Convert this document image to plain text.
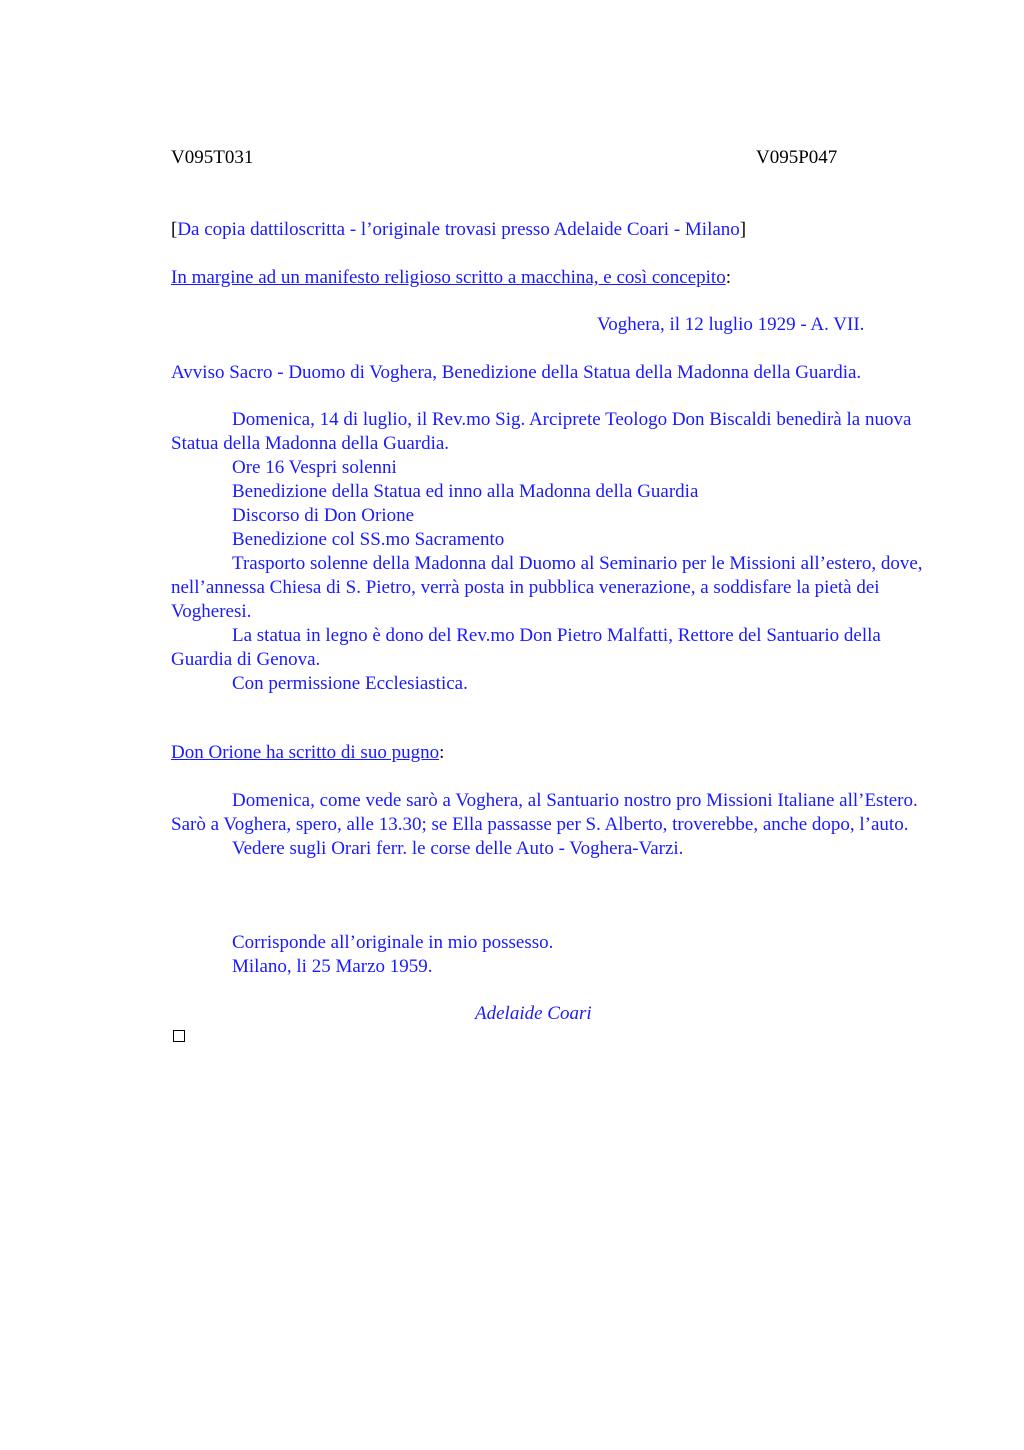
V095T031	V095P047
[Da copia dattiloscritta - l’originale trovasi presso Adelaide Coari - Milano]
In margine ad un manifesto religioso scritto a macchina, e così concepito:
Voghera, il 12 luglio 1929 - A. VII.
Avviso Sacro - Duomo di Voghera, Benedizione della Statua della Madonna della Guardia.
Domenica, 14 di luglio, il Rev.mo Sig. Arciprete Teologo Don Biscaldi benedirà la nuova Statua della Madonna della Guardia.
Ore 16 Vespri solenni
Benedizione della Statua ed inno alla Madonna della Guardia
Discorso di Don Orione
Benedizione col SS.mo Sacramento
Trasporto solenne della Madonna dal Duomo al Seminario per le Missioni all’estero, dove, nell’annessa Chiesa di S. Pietro, verrà posta in pubblica venerazione, a soddisfare la pietà dei Vogheresi.
La statua in legno è dono del Rev.mo Don Pietro Malfatti, Rettore del Santuario della Guardia di Genova.
Con permissione Ecclesiastica.
Don Orione ha scritto di suo pugno:
Domenica, come vede sarò a Voghera, al Santuario nostro pro Missioni Italiane all’Estero. Sarò a Voghera, spero, alle 13.30; se Ella passasse per S. Alberto, troverebbe, anche dopo, l’auto.
Vedere sugli Orari ferr. le corse delle Auto - Voghera-Varzi.
Corrisponde all’originale in mio possesso.
Milano, li 25 Marzo 1959.
Adelaide Coari
